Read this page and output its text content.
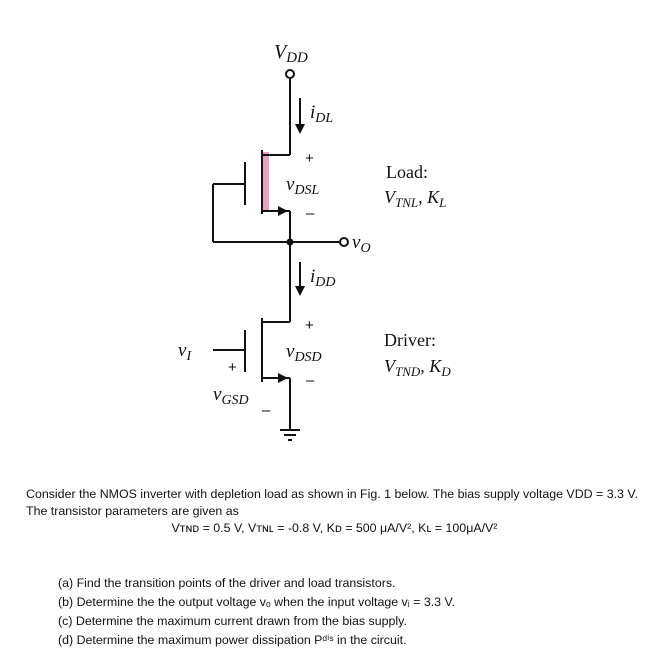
$V_{DD}$
$i_{DL}$
+
$v_{DSL}$
–
$v_O$
$i_{DD}$
+
$v_{DSD}$
–
$v_I$
+
$v_{GSD}$
–
Load:
$V_{TNL}$, $K_L$
Driver:
$V_{TND}$, $K_D$

Consider the NMOS inverter with depletion load as shown in Fig. 1 below. The bias supply voltage VDD = 3.3 V. The transistor parameters are given as

Vᴛɴᴅ = 0.5 V, Vᴛɴʟ = -0.8 V, Kᴅ = 500 μA/V², Kʟ = 100μA/V²

(a) Find the transition points of the driver and load transistors.
(b) Determine the the output voltage vₒ when the input voltage vᵢ = 3.3 V.
(c) Determine the maximum current drawn from the bias supply.
(d) Determine the maximum power dissipation Pᵈⁱˢ in the circuit.
